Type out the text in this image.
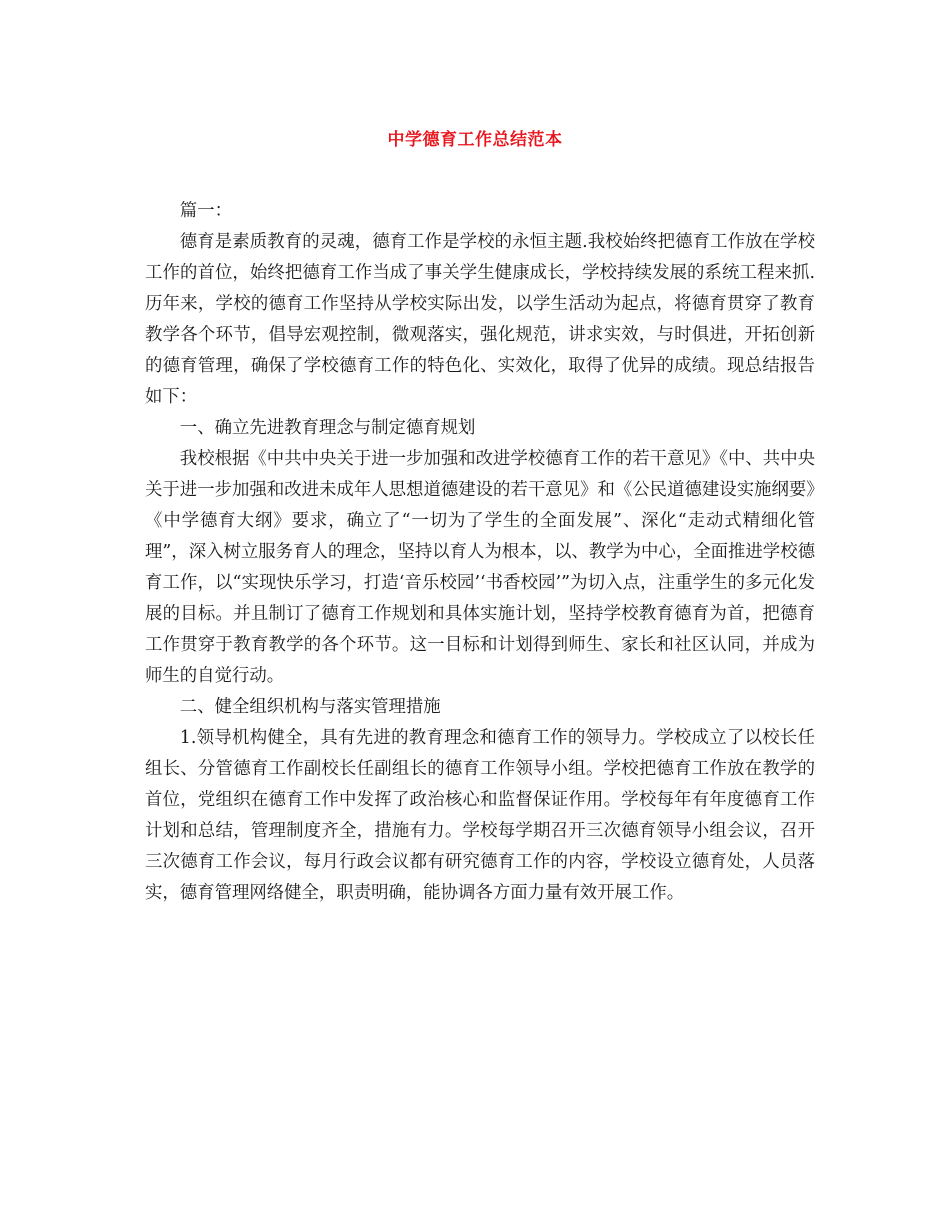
中学德育工作总结范本

篇一：

德育是素质教育的灵魂，德育工作是学校的永恒主题.我校始终把德育工作放在学校工作的首位，始终把德育工作当成了事关学生健康成长，学校持续发展的系统工程来抓.历年来，学校的德育工作坚持从学校实际出发，以学生活动为起点，将德育贯穿了教育教学各个环节，倡导宏观控制，微观落实，强化规范，讲求实效，与时俱进，开拓创新的德育管理，确保了学校德育工作的特色化、实效化，取得了优异的成绩。现总结报告如下：

一、确立先进教育理念与制定德育规划

我校根据《中共中央关于进一步加强和改进学校德育工作的若干意见》《中、共中央关于进一步加强和改进未成年人思想道德建设的若干意见》和《公民道德建设实施纲要》《中学德育大纲》要求，确立了“一切为了学生的全面发展”、深化“走动式精细化管理”，深入树立服务育人的理念，坚持以育人为根本，以、教学为中心，全面推进学校德育工作，以“实现快乐学习，打造‘音乐校园’‘书香校园’”为切入点，注重学生的多元化发展的目标。并且制订了德育工作规划和具体实施计划，坚持学校教育德育为首，把德育工作贯穿于教育教学的各个环节。这一目标和计划得到师生、家长和社区认同，并成为师生的自觉行动。

二、健全组织机构与落实管理措施

1.领导机构健全，具有先进的教育理念和德育工作的领导力。学校成立了以校长任组长、分管德育工作副校长任副组长的德育工作领导小组。学校把德育工作放在教学的首位，党组织在德育工作中发挥了政治核心和监督保证作用。学校每年有年度德育工作计划和总结，管理制度齐全，措施有力。学校每学期召开三次德育领导小组会议，召开三次德育工作会议，每月行政会议都有研究德育工作的内容，学校设立德育处，人员落实，德育管理网络健全，职责明确，能协调各方面力量有效开展工作。
